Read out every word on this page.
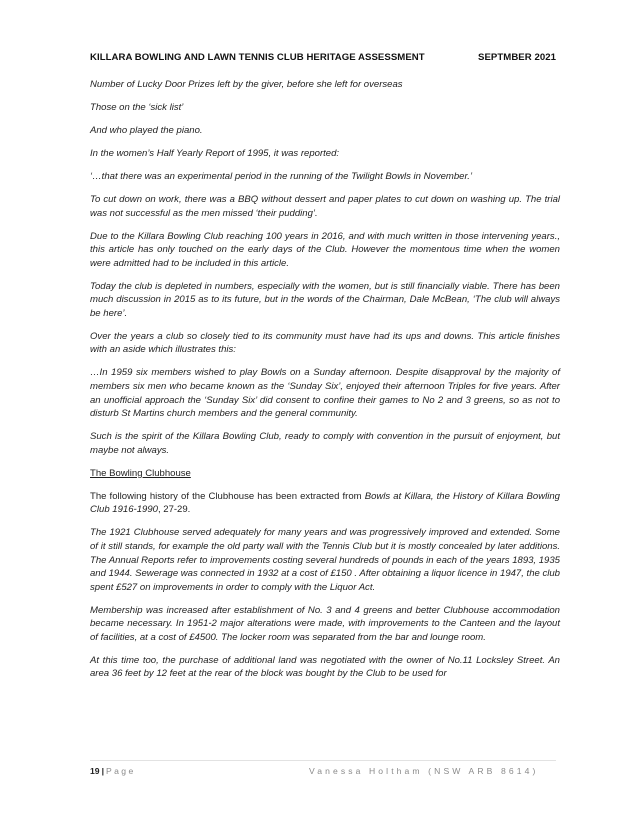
KILLARA BOWLING AND LAWN TENNIS CLUB HERITAGE ASSESSMENT	SEPTMBER 2021

Number of Lucky Door Prizes left by the giver, before she left for overseas

Those on the ‘sick list’

And who played the piano.

In the women’s Half Yearly Report of 1995, it was reported:

‘…that there was an experimental period in the running of the Twilight Bowls in November.’

To cut down on work, there was a BBQ without dessert and paper plates to cut down on washing up. The trial was not successful as the men missed ‘their pudding’.

Due to the Killara Bowling Club reaching 100 years in 2016, and with much written in those intervening years., this article has only touched on the early days of the Club. However the momentous time when the women were admitted had to be included in this article.

Today the club is depleted in numbers, especially with the women, but is still financially viable. There has been much discussion in 2015 as to its future, but in the words of the Chairman, Dale McBean, ‘The club will always be here’.

Over the years a club so closely tied to its community must have had its ups and downs. This article finishes with an aside which illustrates this:

…In 1959 six members wished to play Bowls on a Sunday afternoon. Despite disapproval by the majority of members six men who became known as the ‘Sunday Six’, enjoyed their afternoon Triples for five years. After an unofficial approach the ‘Sunday Six’ did consent to confine their games to No 2 and 3 greens, so as not to disturb St Martins church members and the general community.

Such is the spirit of the Killara Bowling Club, ready to comply with convention in the pursuit of enjoyment, but maybe not always.

The Bowling Clubhouse

The following history of the Clubhouse has been extracted from Bowls at Killara, the History of Killara Bowling Club 1916-1990, 27-29.

The 1921 Clubhouse served adequately for many years and was progressively improved and extended. Some of it still stands, for example the old party wall with the Tennis Club but it is mostly concealed by later additions. The Annual Reports refer to improvements costing several hundreds of pounds in each of the years 1893, 1935 and 1944. Sewerage was connected in 1932 at a cost of £150 . After obtaining a liquor licence in 1947, the club spent £527 on improvements in order to comply with the Liquor Act.

Membership was increased after establishment of No. 3 and 4 greens and better Clubhouse accommodation became necessary. In 1951-2 major alterations were made, with improvements to the Canteen and the layout of facilities, at a cost of £4500. The locker room was separated from the bar and lounge room.

At this time too, the purchase of additional land was negotiated with the owner of No.11 Locksley Street. An area 36 feet by 12 feet at the rear of the block was bought by the Club to be used for

19 | Page	Vanessa Holtham (NSW ARB 8614)
